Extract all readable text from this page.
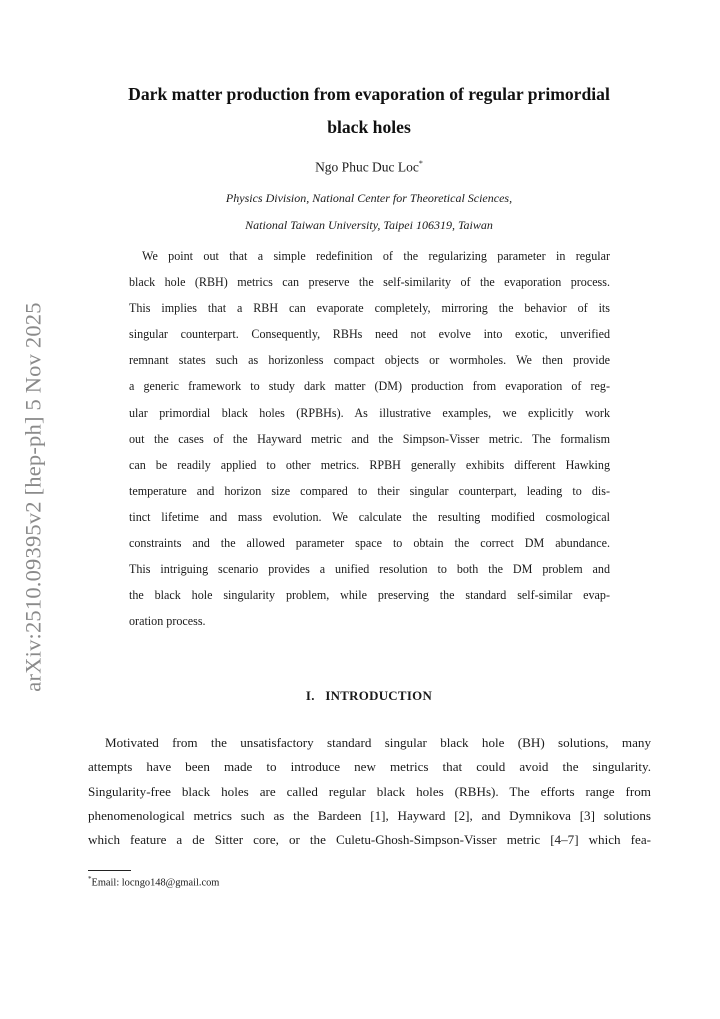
arXiv:2510.09395v2 [hep-ph] 5 Nov 2025
Dark matter production from evaporation of regular primordial
black holes
Ngo Phuc Duc Loc*
Physics Division, National Center for Theoretical Sciences,
National Taiwan University, Taipei 106319, Taiwan
We point out that a simple redefinition of the regularizing parameter in regular
black hole (RBH) metrics can preserve the self-similarity of the evaporation process.
This implies that a RBH can evaporate completely, mirroring the behavior of its
singular counterpart. Consequently, RBHs need not evolve into exotic, unverified
remnant states such as horizonless compact objects or wormholes. We then provide
a generic framework to study dark matter (DM) production from evaporation of reg-
ular primordial black holes (RPBHs). As illustrative examples, we explicitly work
out the cases of the Hayward metric and the Simpson-Visser metric. The formalism
can be readily applied to other metrics. RPBH generally exhibits different Hawking
temperature and horizon size compared to their singular counterpart, leading to dis-
tinct lifetime and mass evolution. We calculate the resulting modified cosmological
constraints and the allowed parameter space to obtain the correct DM abundance.
This intriguing scenario provides a unified resolution to both the DM problem and
the black hole singularity problem, while preserving the standard self-similar evap-
oration process.
I. INTRODUCTION
Motivated from the unsatisfactory standard singular black hole (BH) solutions, many
attempts have been made to introduce new metrics that could avoid the singularity.
Singularity-free black holes are called regular black holes (RBHs). The efforts range from
phenomenological metrics such as the Bardeen [1], Hayward [2], and Dymnikova [3] solutions
which feature a de Sitter core, or the Culetu-Ghosh-Simpson-Visser metric [4–7] which fea-
*Email: locngo148@gmail.com
